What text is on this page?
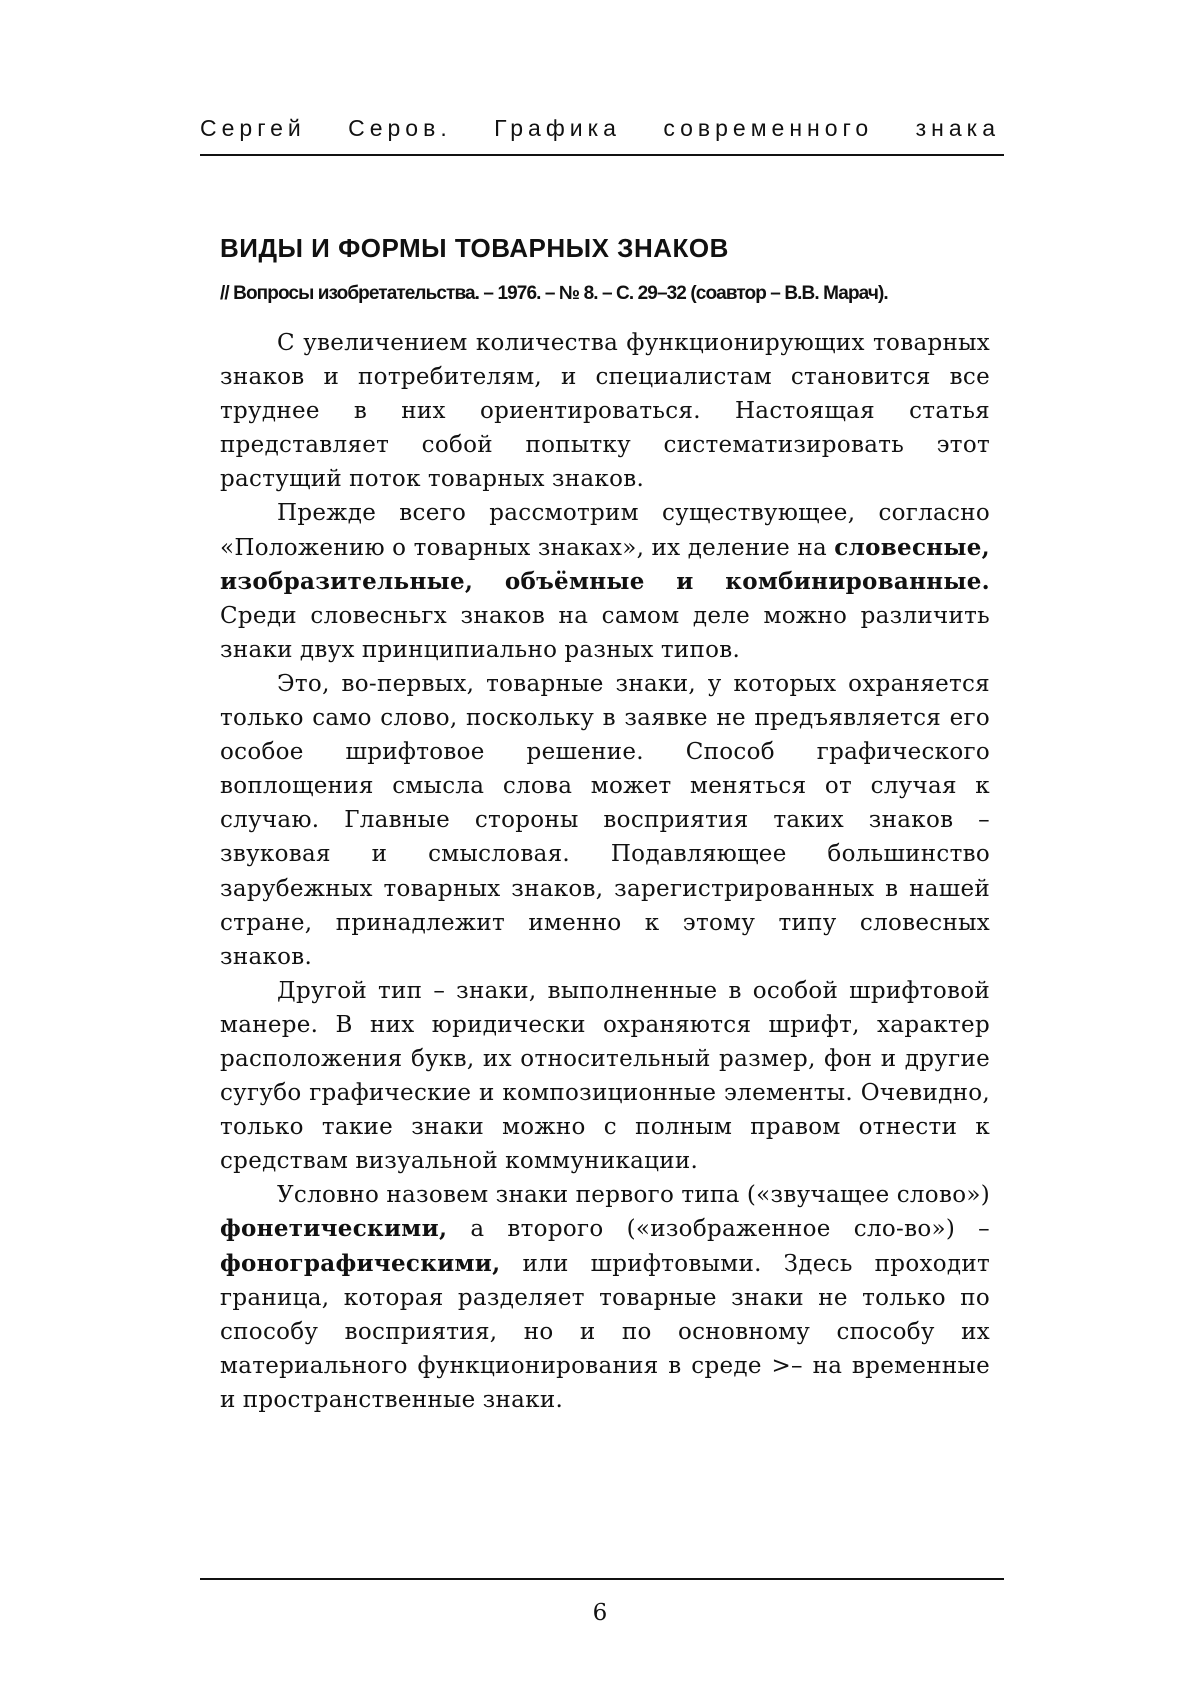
Сергей Серов. Графика современного знака
ВИДЫ И ФОРМЫ ТОВАРНЫХ ЗНАКОВ

// Вопросы изобретательства. – 1976. – № 8. – С. 29–32 (соавтор – В.В. Марач).

С увеличением количества функционирующих товарных знаков и потребителям, и специалистам становится все труднее в них ориентироваться. Настоящая статья представляет собой попытку систематизировать этот растущий поток товарных знаков.

Прежде всего рассмотрим существующее, согласно «Положению о товарных знаках», их деление на словесные, изобразительные, объёмные и комбинированные. Среди словесньгх знаков на самом деле можно различить знаки двух принципиально разных типов.

Это, во-первых, товарные знаки, у которых охраняется только само слово, поскольку в заявке не предъявляется его особое шрифтовое решение. Способ графического воплощения смысла слова может меняться от случая к случаю. Главные стороны восприятия таких знаков – звуковая и смысловая. Подавляющее большинство зарубежных товарных знаков, зарегистрированных в нашей стране, принадлежит именно к этому типу словесных знаков.

Другой тип – знаки, выполненные в особой шрифтовой манере. В них юридически охраняются шрифт, характер расположения букв, их относительный размер, фон и другие сугубо графические и композиционные элементы. Очевидно, только такие знаки можно с полным правом отнести к средствам визуальной коммуникации.

Условно назовем знаки первого типа («звучащее слово») фонетическими, а второго («изображенное сло-во») – фонографическими, или шрифтовыми. Здесь проходит граница, которая разделяет товарные знаки не только по способу восприятия, но и по основному способу их материального функционирования в среде >– на временные и пространственные знаки.

6
